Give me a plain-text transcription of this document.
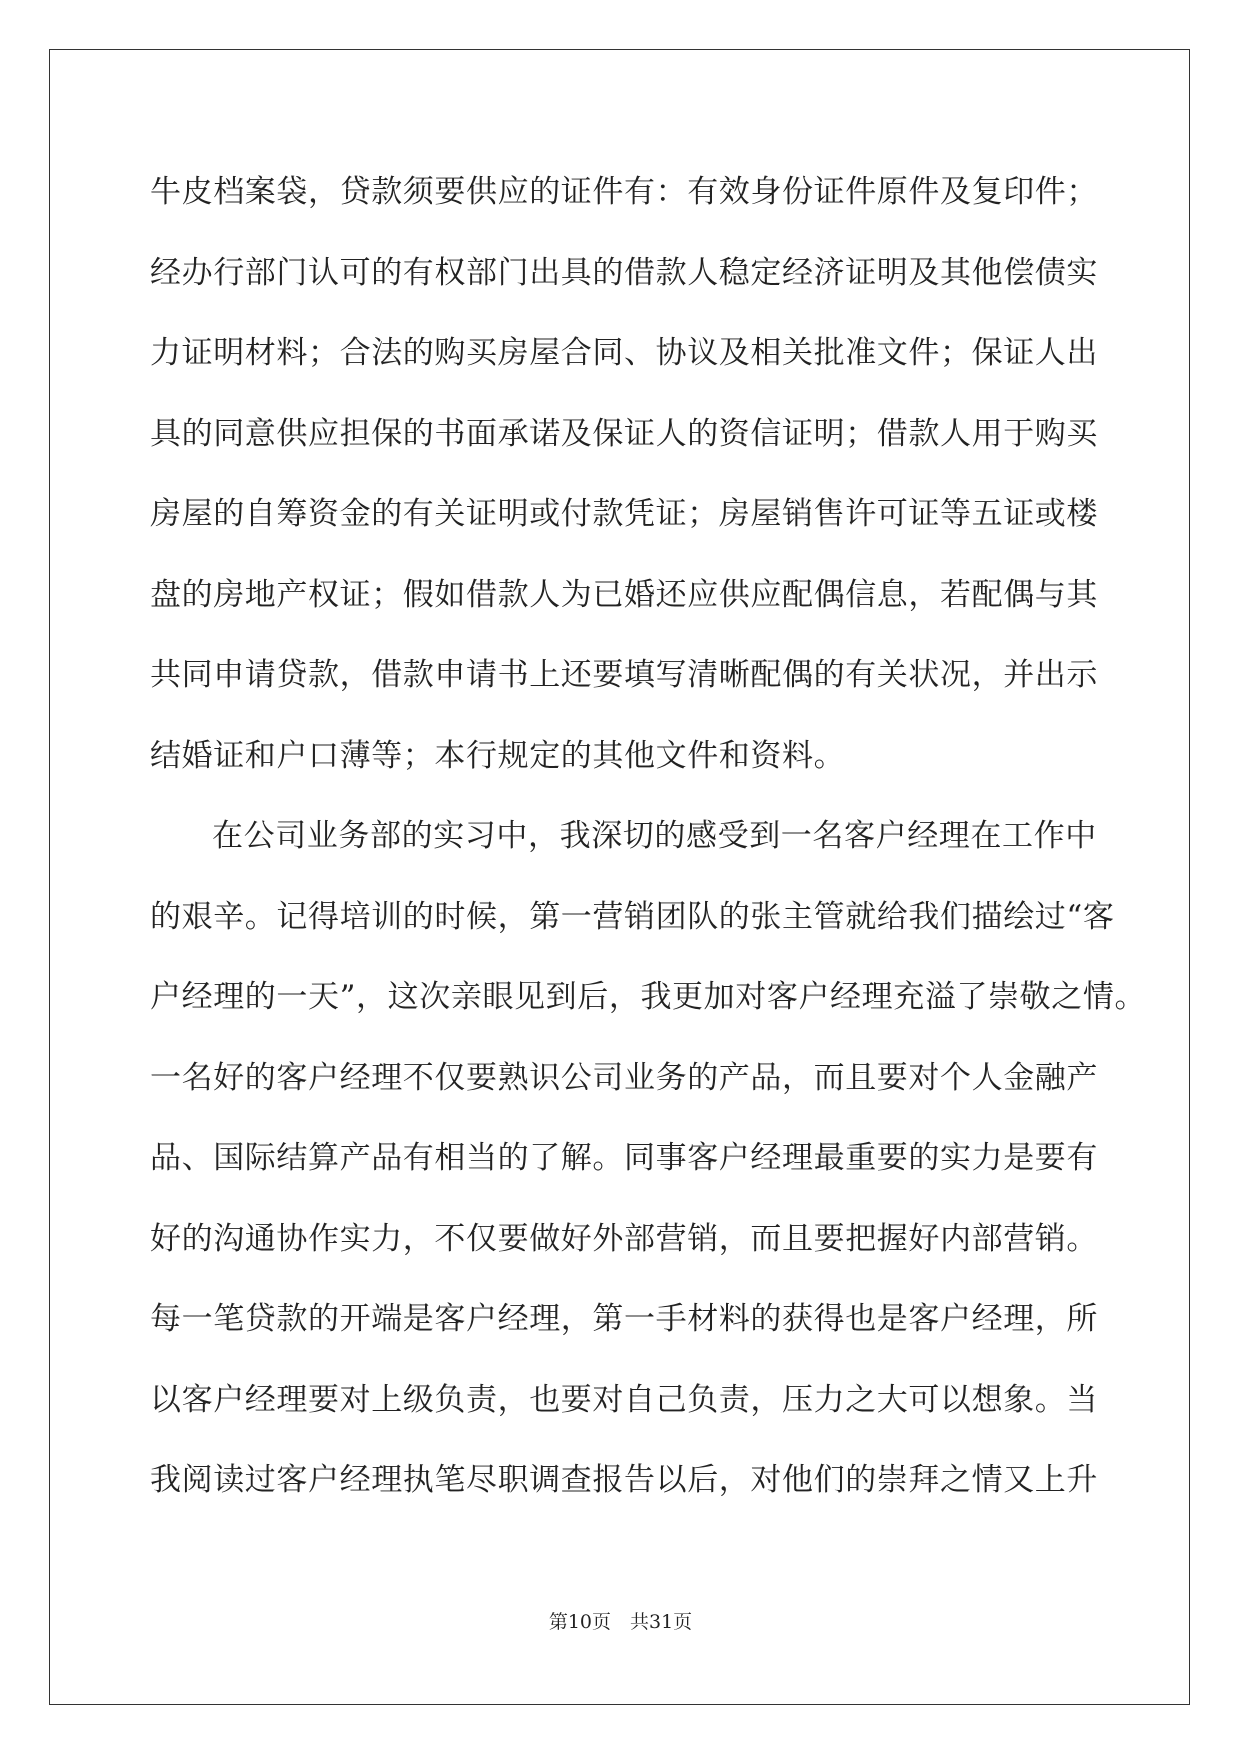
牛皮档案袋，贷款须要供应的证件有：有效身份证件原件及复印件；
经办行部门认可的有权部门出具的借款人稳定经济证明及其他偿债实
力证明材料；合法的购买房屋合同、协议及相关批准文件；保证人出
具的同意供应担保的书面承诺及保证人的资信证明；借款人用于购买
房屋的自筹资金的有关证明或付款凭证；房屋销售许可证等五证或楼
盘的房地产权证；假如借款人为已婚还应供应配偶信息，若配偶与其
共同申请贷款，借款申请书上还要填写清晰配偶的有关状况，并出示
结婚证和户口薄等；本行规定的其他文件和资料。
在公司业务部的实习中，我深切的感受到一名客户经理在工作中
的艰辛。记得培训的时候，第一营销团队的张主管就给我们描绘过“客
户经理的一天”，这次亲眼见到后，我更加对客户经理充溢了崇敬之情。
一名好的客户经理不仅要熟识公司业务的产品，而且要对个人金融产
品、国际结算产品有相当的了解。同事客户经理最重要的实力是要有
好的沟通协作实力，不仅要做好外部营销，而且要把握好内部营销。
每一笔贷款的开端是客户经理，第一手材料的获得也是客户经理，所
以客户经理要对上级负责，也要对自己负责，压力之大可以想象。当
我阅读过客户经理执笔尽职调查报告以后，对他们的崇拜之情又上升
第10页　共31页
